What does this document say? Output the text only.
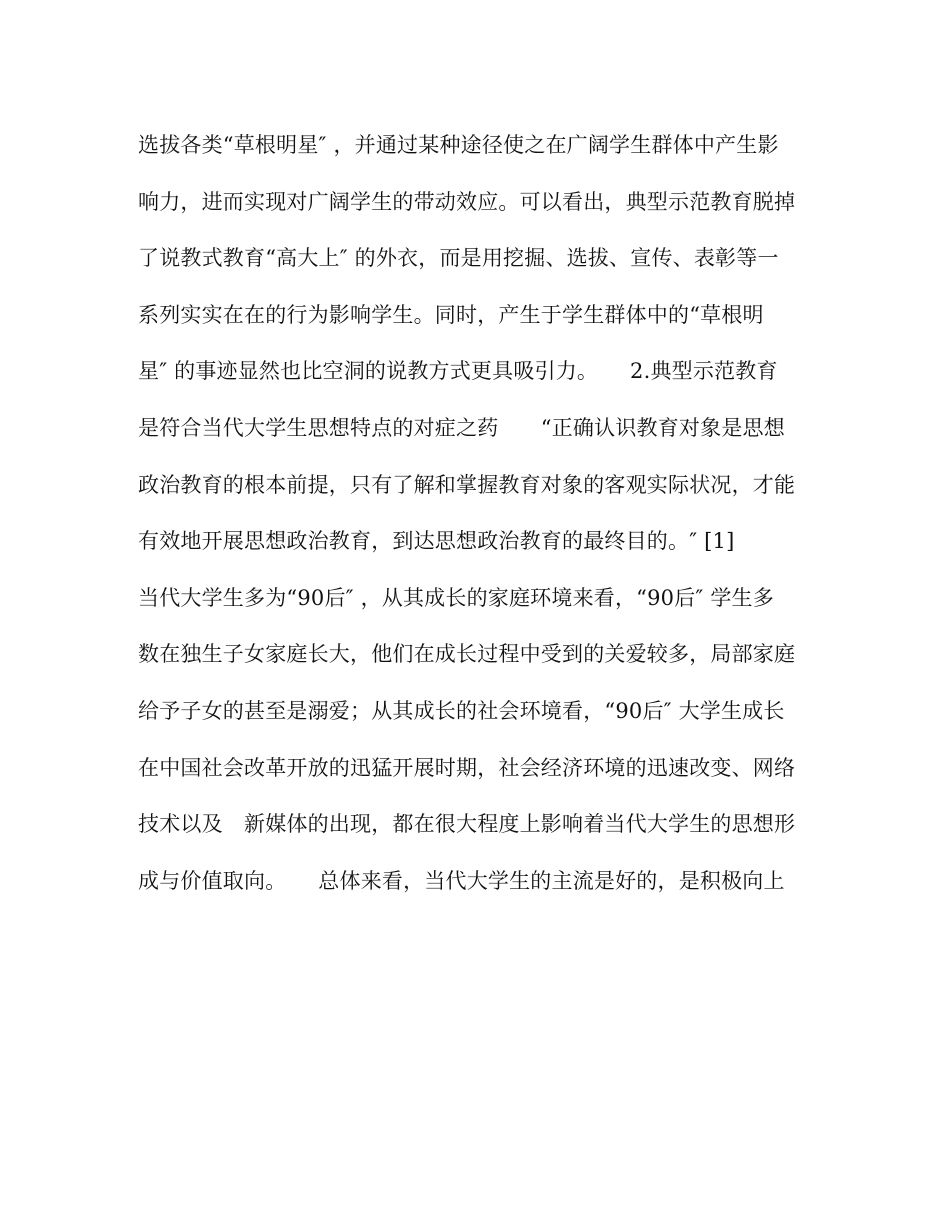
选拔各类“草根明星″ ，并通过某种途径使之在广阔学生群体中产生影
响力，进而实现对广阔学生的带动效应。可以看出，典型示范教育脱掉
了说教式教育“高大上″ 的外衣，而是用挖掘、选拔、宣传、表彰等一
系列实实在在的行为影响学生。同时，产生于学生群体中的“草根明
星″ 的事迹显然也比空洞的说教方式更具吸引力。　　2.典型示范教育
是符合当代大学生思想特点的对症之药　　“正确认识教育对象是思想
政治教育的根本前提，只有了解和掌握教育对象的客观实际状况，才能
有效地开展思想政治教育，到达思想政治教育的最终目的。″ [1]
当代大学生多为“90后″ ，从其成长的家庭环境来看，“90后″ 学生多
数在独生子女家庭长大，他们在成长过程中受到的关爱较多，局部家庭
给予子女的甚至是溺爱；从其成长的社会环境看，“90后″ 大学生成长
在中国社会改革开放的迅猛开展时期，社会经济环境的迅速改变、网络
技术以及　新媒体的出现，都在很大程度上影响着当代大学生的思想形
成与价值取向。　　总体来看，当代大学生的主流是好的，是积极向上
